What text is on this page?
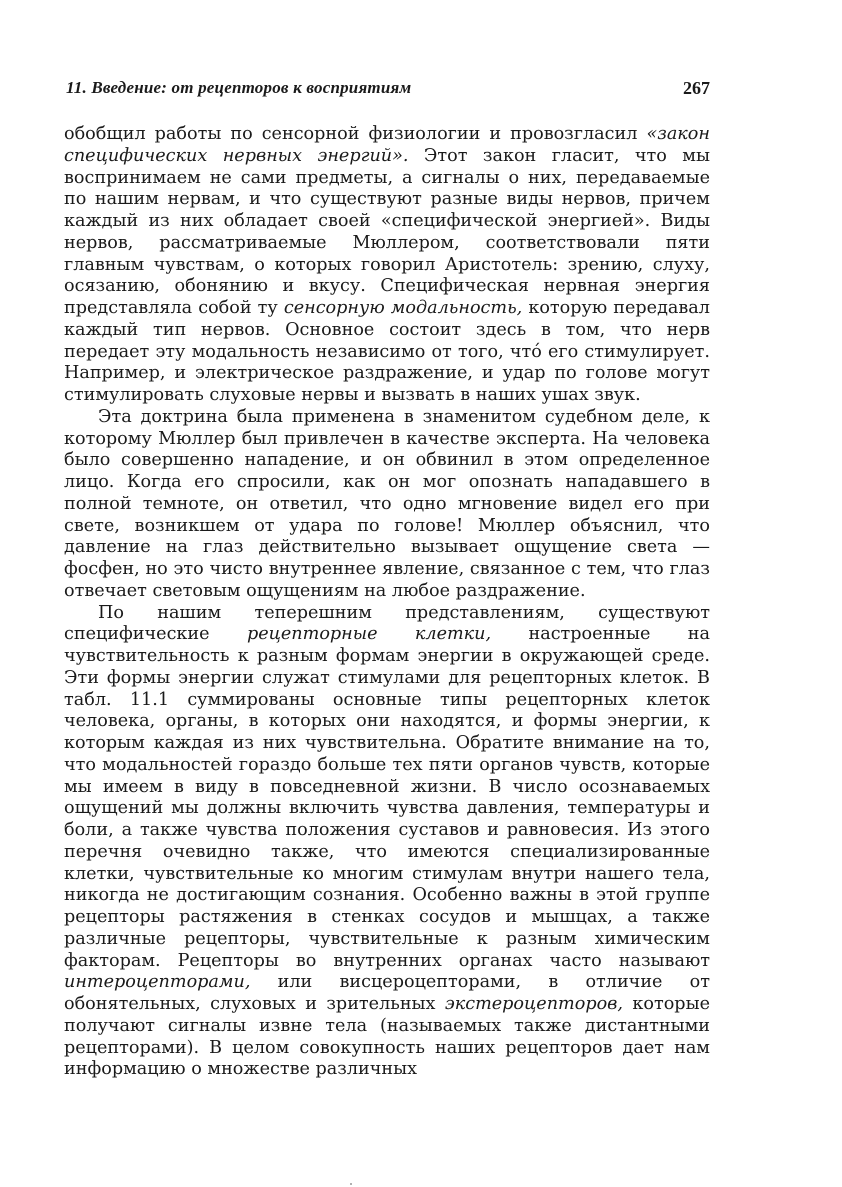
11. Введение: от рецепторов к восприятиям	267

обобщил работы по сенсорной физиологии и провозгласил «закон специфических нервных энергий». Этот закон гласит, что мы воспринимаем не сами предметы, а сигналы о них, передаваемые по нашим нервам, и что существуют разные виды нервов, причем каждый из них обладает своей «специфической энергией». Виды нервов, рассматриваемые Мюллером, соответствовали пяти главным чувствам, о которых говорил Аристотель: зрению, слуху, осязанию, обонянию и вкусу. Специфическая нервная энергия представляла собой ту сенсорную модальность, которую передавал каждый тип нервов. Основное состоит здесь в том, что нерв передает эту модальность независимо от того, что́ его стимулирует. Например, и электрическое раздражение, и удар по голове могут стимулировать слуховые нервы и вызвать в наших ушах звук.

Эта доктрина была применена в знаменитом судебном деле, к которому Мюллер был привлечен в качестве эксперта. На человека было совершенно нападение, и он обвинил в этом определенное лицо. Когда его спросили, как он мог опознать нападавшего в полной темноте, он ответил, что одно мгновение видел его при свете, возникшем от удара по голове! Мюллер объяснил, что давление на глаз действительно вызывает ощущение света — фосфен, но это чисто внутреннее явление, связанное с тем, что глаз отвечает световым ощущениям на любое раздражение.

По нашим теперешним представлениям, существуют специфические рецепторные клетки, настроенные на чувствительность к разным формам энергии в окружающей среде. Эти формы энергии служат стимулами для рецепторных клеток. В табл. 11.1 суммированы основные типы рецепторных клеток человека, органы, в которых они находятся, и формы энергии, к которым каждая из них чувствительна. Обратите внимание на то, что модальностей гораздо больше тех пяти органов чувств, которые мы имеем в виду в повседневной жизни. В число осознаваемых ощущений мы должны включить чувства давления, температуры и боли, а также чувства положения суставов и равновесия. Из этого перечня очевидно также, что имеются специализированные клетки, чувствительные ко многим стимулам внутри нашего тела, никогда не достигающим сознания. Особенно важны в этой группе рецепторы растяжения в стенках сосудов и мышцах, а также различные рецепторы, чувствительные к разным химическим факторам. Рецепторы во внутренних органах часто называют интероцепторами, или висцероцепторами, в отличие от обонятельных, слуховых и зрительных экстероцепторов, которые получают сигналы извне тела (называемых также дистантными рецепторами). В целом совокупность наших рецепторов дает нам информацию о множестве различных
